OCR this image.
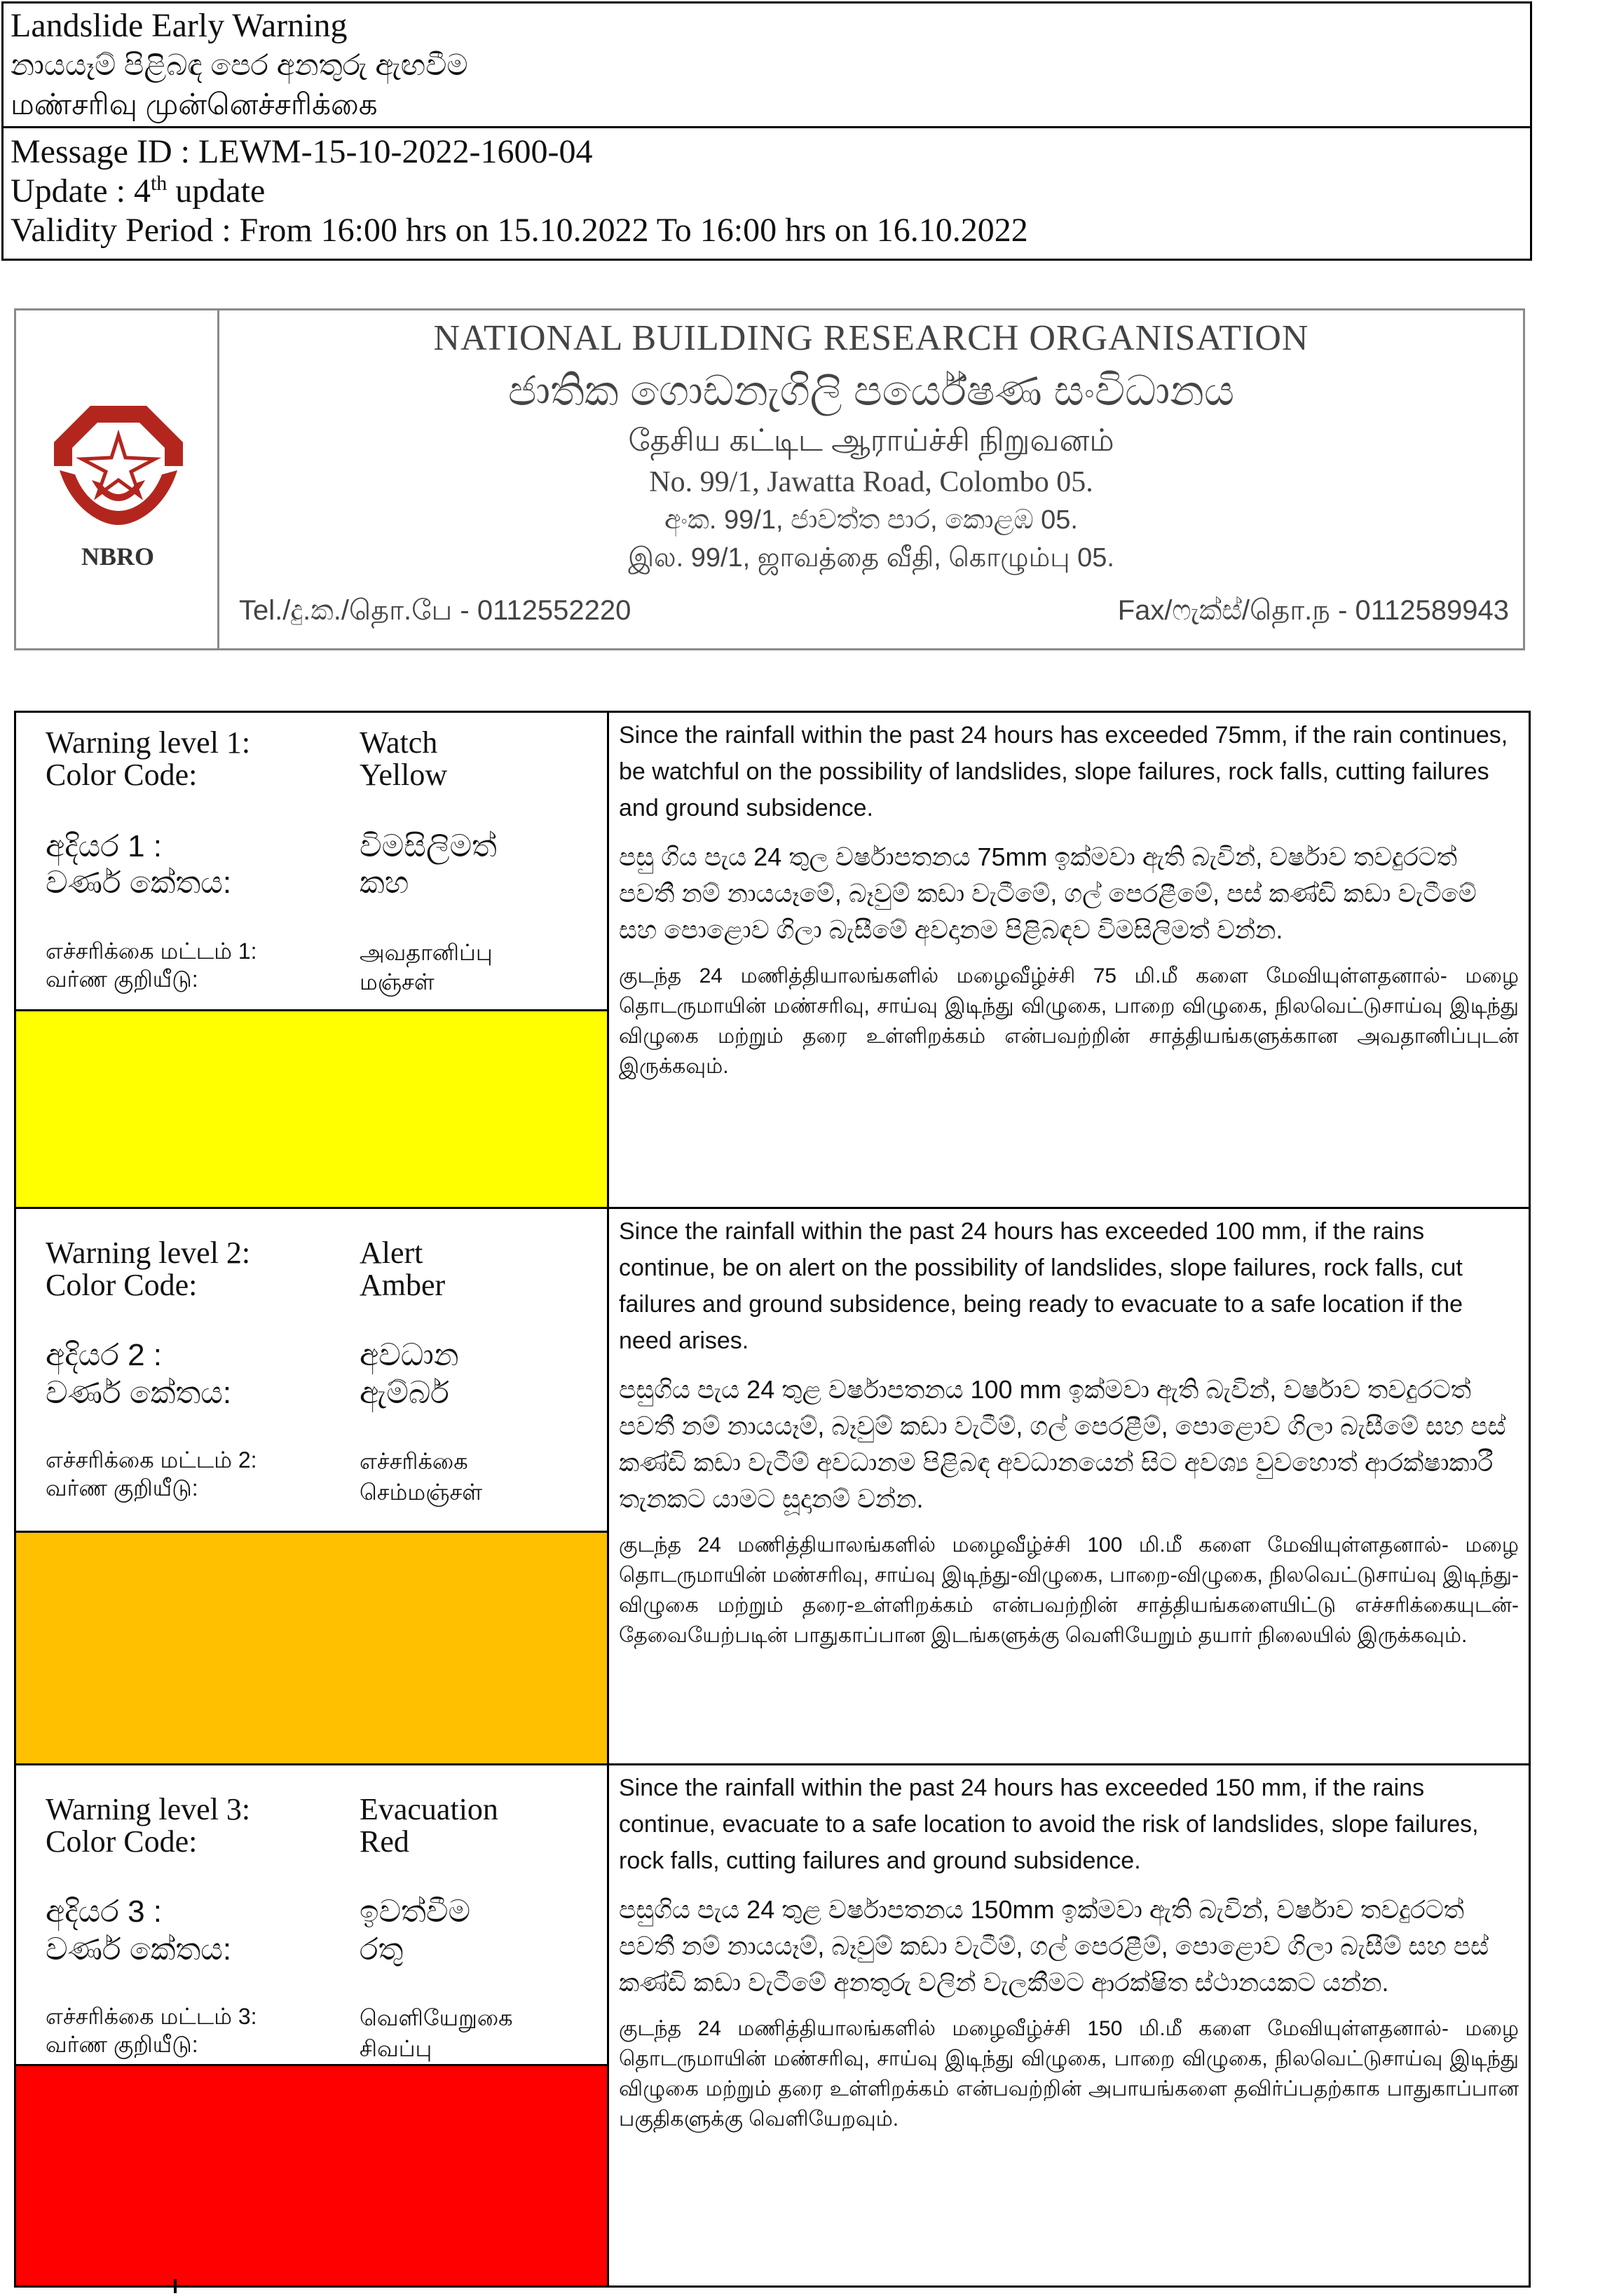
Landslide Early Warning
නායයෑම් පිළිබඳ පෙර අනතුරු ඇඟවීම
மண்சரிவு முன்னெச்சரிக்கை
Message ID : LEWM-15-10-2022-1600-04
Update : 4th update
Validity Period : From 16:00 hrs on 15.10.2022 To 16:00 hrs on 16.10.2022
NBRO
NATIONAL BUILDING RESEARCH ORGANISATION
ජාතික ගොඩනැගිලි පර්යේෂණ සංවිධානය
தேசிய கட்டிட ஆராய்ச்சி நிறுவனம்
No. 99/1, Jawatta Road, Colombo 05.
අංක. 99/1, ජාවත්ත පාර, කොළඹ 05.
இல. 99/1, ஜாவத்தை வீதி, கொழும்பு 05.
Tel./දු.ක./தொ.பே - 0112552220	Fax/ෆැක්ස්/தொ.ந - 0112589943
Warning level 1:	Watch
Color Code:	Yellow
අදියර 1 :	විමසිලිමත්
වර්ණ කේතය:	කහ
எச்சரிக்கை மட்டம் 1:	அவதானிப்பு
வர்ண குறியீடு:	மஞ்சள்

Since the rainfall within the past 24 hours has exceeded 75mm, if the rain continues, be watchful on the possibility of landslides, slope failures, rock falls, cutting failures and ground subsidence.

පසු ගිය පැය 24 තුල වර්ෂාපතනය 75mm ඉක්මවා ඇති බැවින්, වර්ෂාව තවදුරටත් පවතී නම් නායයෑමේ, බෑවුම් කඩා වැටීමේ, ගල් පෙරළීමේ, පස් කණ්ඩි කඩා වැටීමේ සහ පොළොව ගිලා බැසීමේ අවදානම පිළිබඳව විමසිලිමත් වන්න.

குடந்த 24 மணித்தியாலங்களில் மழைவீழ்ச்சி 75 மி.மீ களை மேவியுள்ளதனால்- மழை தொடருமாயின் மண்சரிவு, சாய்வு இடிந்து விழுகை, பாறை விழுகை, நிலவெட்டுசாய்வு இடிந்து விழுகை மற்றும் தரை உள்ளிறக்கம் என்பவற்றின் சாத்தியங்களுக்கான அவதானிப்புடன் இருக்கவும்.

Warning level 2:	Alert
Color Code:	Amber
අදියර 2 :	අවධාන
වර්ණ කේතය:	ඇම්බර්
எச்சரிக்கை மட்டம் 2:	எச்சரிக்கை
வர்ண குறியீடு:	செம்மஞ்சள்

Since the rainfall within the past 24 hours has exceeded 100 mm, if the rains continue, be on alert on the possibility of landslides, slope failures, rock falls, cut failures and ground subsidence, being ready to evacuate to a safe location if the need arises.

පසුගිය පැය 24 තුළ වර්ෂාපතනය 100 mm ඉක්මවා ඇති බැවින්, වර්ෂාව තවදුරටත් පවතී නම් නායයෑම්, බෑවුම් කඩා වැටීම්, ගල් පෙරළීම්, පොළොව ගිලා බැසීමේ සහ පස් කණ්ඩි කඩා වැටීම් අවධානම පිළිබඳ අවධානයෙන් සිට අවශ්‍ය වුවහොත් ආරක්ෂාකාරී තැනකට යාමට සූදානම් වන්න.

குடந்த 24 மணித்தியாலங்களில் மழைவீழ்ச்சி 100 மி.மீ களை மேவியுள்ளதனால்- மழை தொடருமாயின் மண்சரிவு, சாய்வு இடிந்து-விழுகை, பாறை-விழுகை, நிலவெட்டுசாய்வு இடிந்து-விழுகை மற்றும் தரை-உள்ளிறக்கம் என்பவற்றின் சாத்தியங்களையிட்டு எச்சரிக்கையுடன்- தேவையேற்படின் பாதுகாப்பான இடங்களுக்கு வெளியேறும் தயார் நிலையில் இருக்கவும்.

Warning level 3:	Evacuation
Color Code:	Red
අදියර 3 :	ඉවත්වීම
වර්ණ කේතය:	රතු
எச்சரிக்கை மட்டம் 3:	வெளியேறுகை
வர்ண குறியீடு:	சிவப்பு

Since the rainfall within the past 24 hours has exceeded 150 mm, if the rains continue, evacuate to a safe location to avoid the risk of landslides, slope failures, rock falls, cutting failures and ground subsidence.

පසුගිය පැය 24 තුළ වර්ෂාපතනය 150mm ඉක්මවා ඇති බැවින්, වර්ෂාව තවදුරටත් පවතී නම් නායයෑම්, බෑවුම් කඩා වැටීම්, ගල් පෙරළීම්, පොළොව ගිලා බැසීම් සහ පස් කණ්ඩි කඩා වැටීමේ අනතුරු වලින් වැලකීමට ආරක්ෂිත ස්ථානයකට යන්න.

குடந்த 24 மணித்தியாலங்களில் மழைவீழ்ச்சி 150 மி.மீ களை மேவியுள்ளதனால்- மழை தொடருமாயின் மண்சரிவு, சாய்வு இடிந்து விழுகை, பாறை விழுகை, நிலவெட்டுசாய்வு இடிந்து விழுகை மற்றும் தரை உள்ளிறக்கம் என்பவற்றின் அபாயங்களை தவிர்ப்பதற்காக பாதுகாப்பான பகுதிகளுக்கு வெளியேறவும்.
